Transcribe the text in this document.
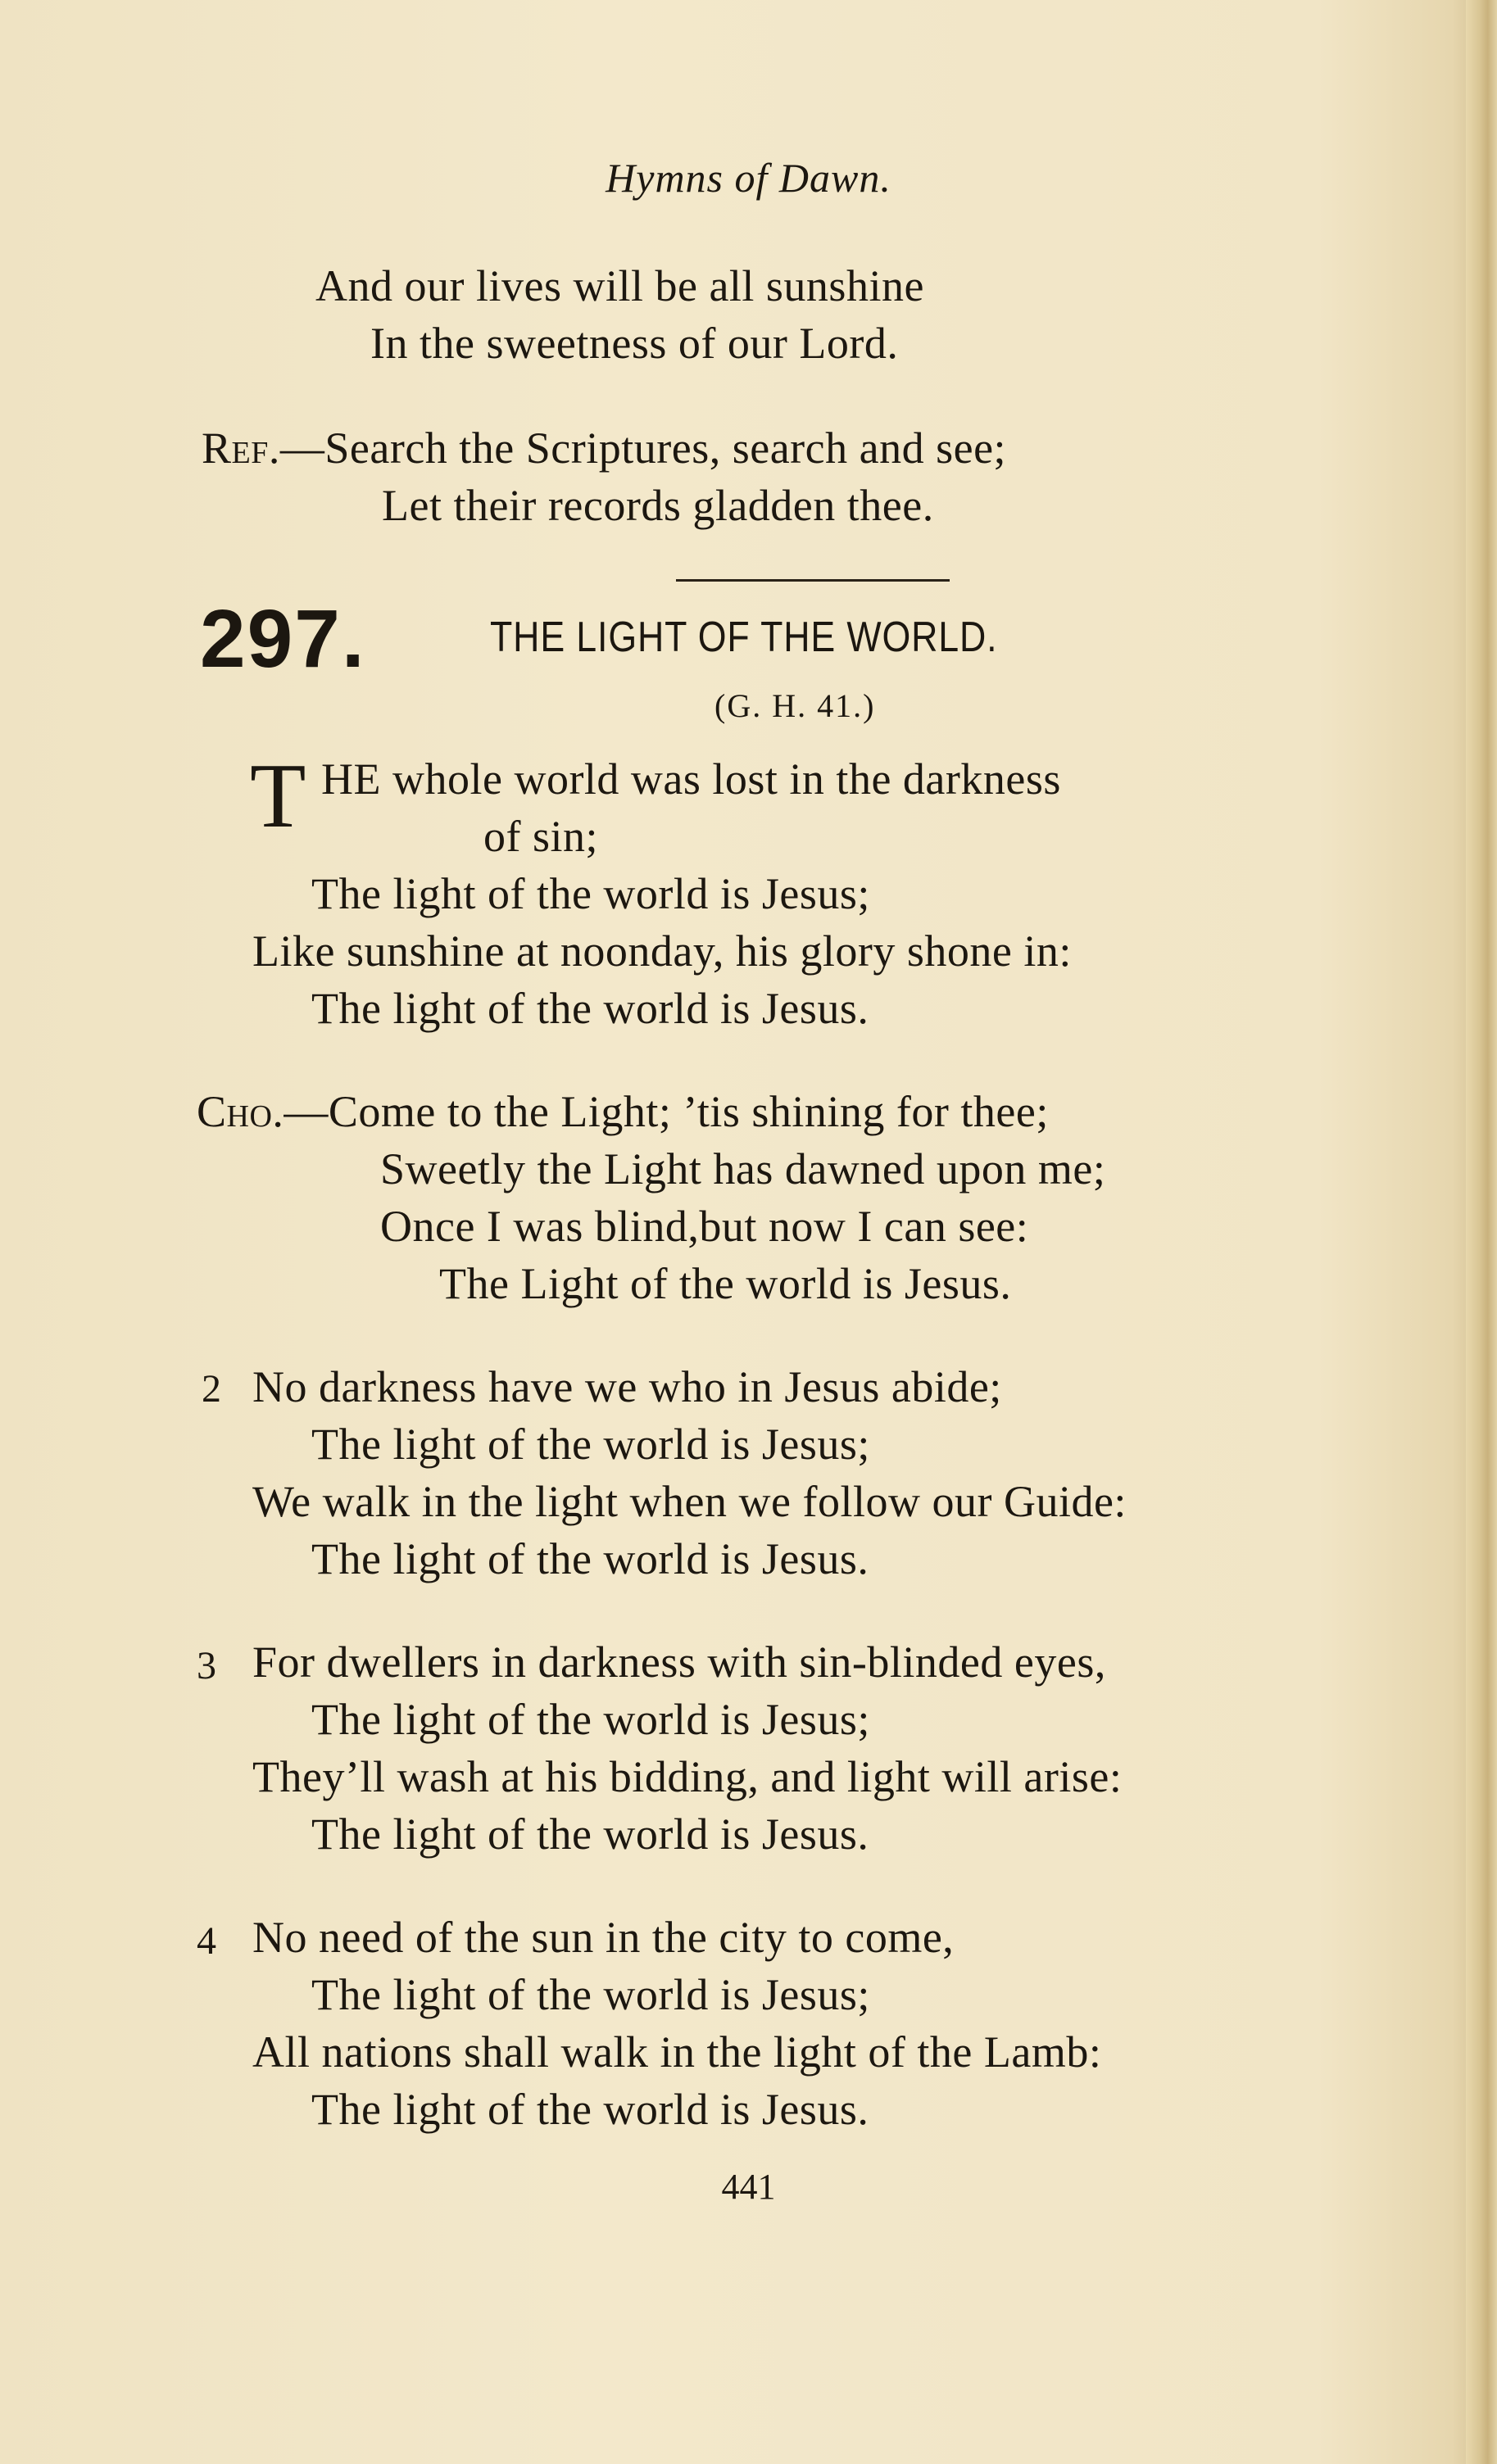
Hymns of Dawn.
And our lives will be all sunshine
In the sweetness of our Lord.
Ref.—Search the Scriptures, search and see;
Let their records gladden thee.
297.	THE LIGHT OF THE WORLD.
(G. H. 41.)
T HE whole world was lost in the darkness
of sin;
The light of the world is Jesus;
Like sunshine at noonday, his glory shone in:
The light of the world is Jesus.
Cho.—Come to the Light; ’tis shining for thee;
Sweetly the Light has dawned upon me;
Once I was blind,but now I can see:
The Light of the world is Jesus.
2 No darkness have we who in Jesus abide;
The light of the world is Jesus;
We walk in the light when we follow our Guide:
The light of the world is Jesus.
3 For dwellers in darkness with sin-blinded eyes,
The light of the world is Jesus;
They’ll wash at his bidding, and light will arise:
The light of the world is Jesus.
4 No need of the sun in the city to come,
The light of the world is Jesus;
All nations shall walk in the light of the Lamb:
The light of the world is Jesus.
441
